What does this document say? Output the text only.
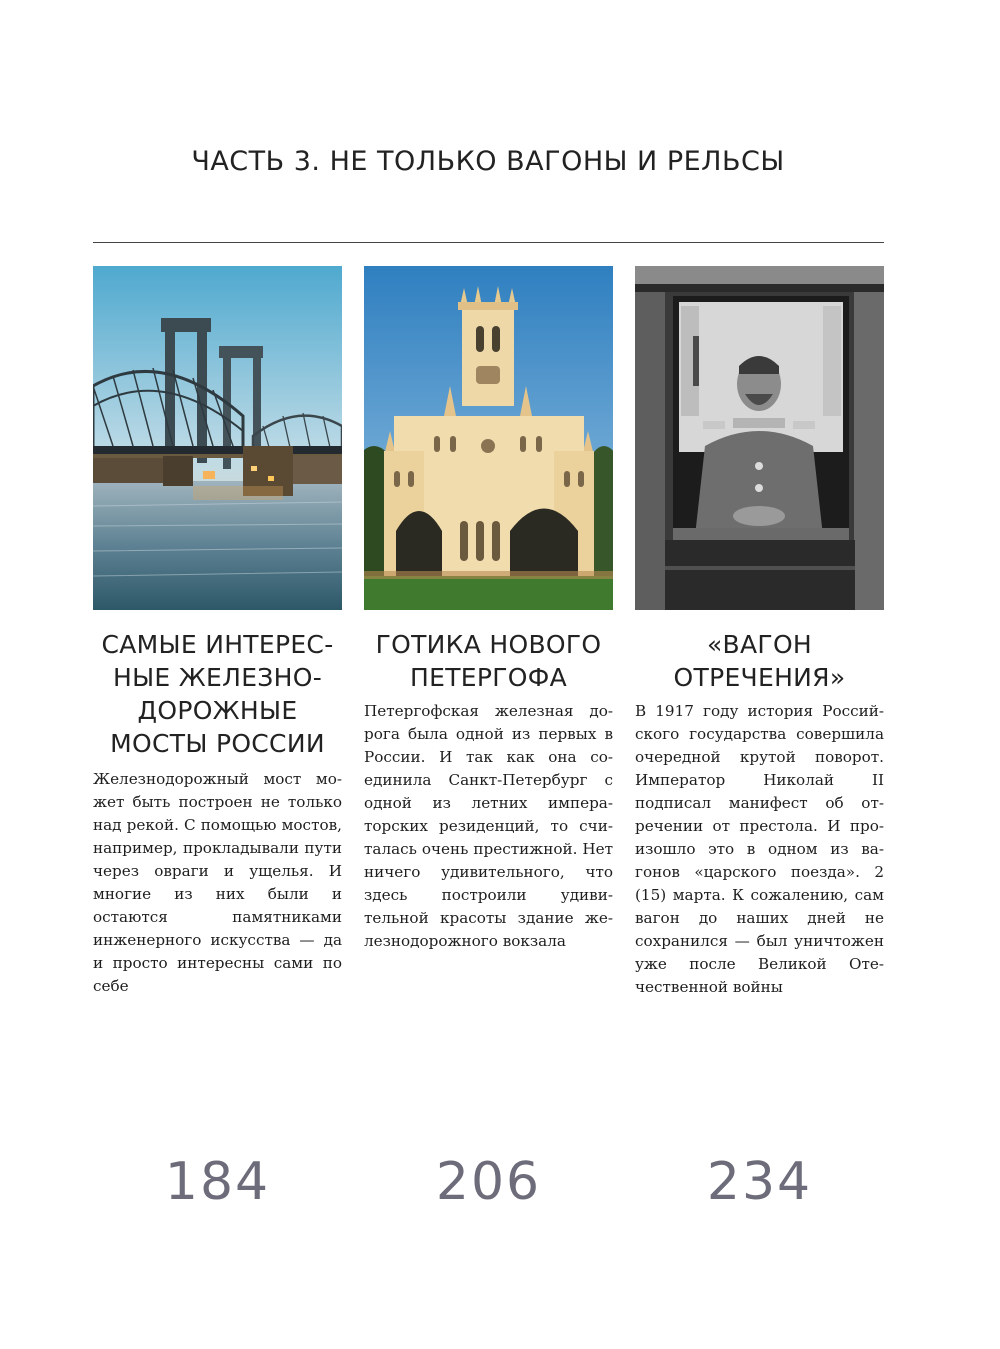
ЧАСТЬ 3. НЕ ТОЛЬКО ВАГОНЫ И РЕЛЬСЫ
САМЫЕ ИНТЕРЕС-
НЫЕ ЖЕЛЕЗНО-
ДОРОЖНЫЕ
МОСТЫ РОССИИ

Железнодорожный мост может быть построен не только над рекой. С помощью мостов, например, прокладывали пути через овраги и ущелья. И многие из них были и остаются памятниками инженерного искусства — да и просто интересны сами по себе

ГОТИКА НОВОГО
ПЕТЕРГОФА

Петергофская железная дорога была одной из первых в России. И так как она соединила Санкт-Петербург с одной из летних императорских резиденций, то считалась очень престижной. Нет ничего удивительного, что здесь построили удивительной красоты здание железнодорожного вокзала

«ВАГОН
ОТРЕЧЕНИЯ»

В 1917 году история Российского государства совершила очередной крутой поворот. Император Николай II подписал манифест об отречении от престола. И произошло это в одном из вагонов «царского поезда». 2 (15) марта. К сожалению, сам вагон до наших дней не сохранился — был уничтожен уже после Великой Отечественной войны

184	206	234
